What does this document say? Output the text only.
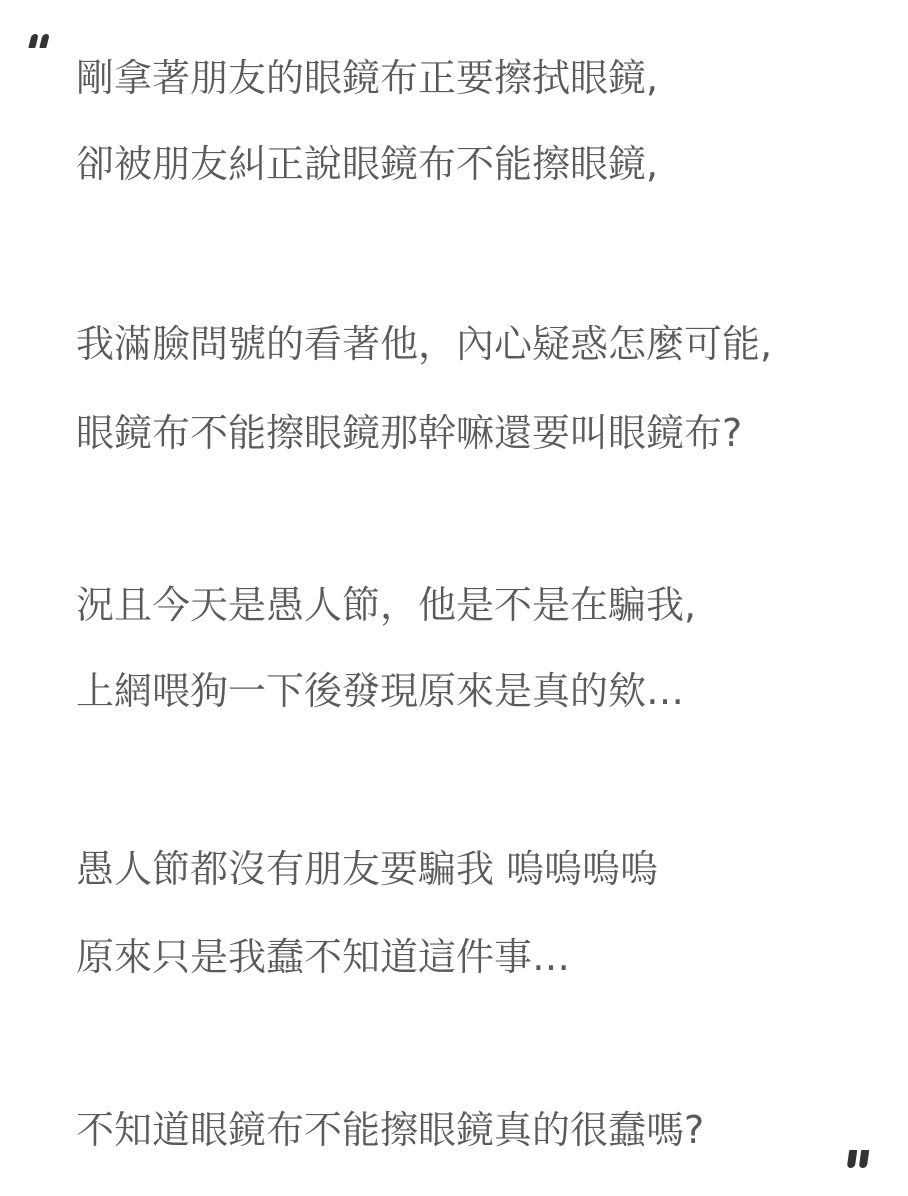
剛拿著朋友的眼鏡布正要擦拭眼鏡,

卻被朋友糾正說眼鏡布不能擦眼鏡,

我滿臉問號的看著他，內心疑惑怎麼可能,

眼鏡布不能擦眼鏡那幹嘛還要叫眼鏡布?

況且今天是愚人節，他是不是在騙我,

上網喂狗一下後發現原來是真的欸…

愚人節都沒有朋友要騙我 嗚嗚嗚嗚

原來只是我蠢不知道這件事…

不知道眼鏡布不能擦眼鏡真的很蠢嗎?
